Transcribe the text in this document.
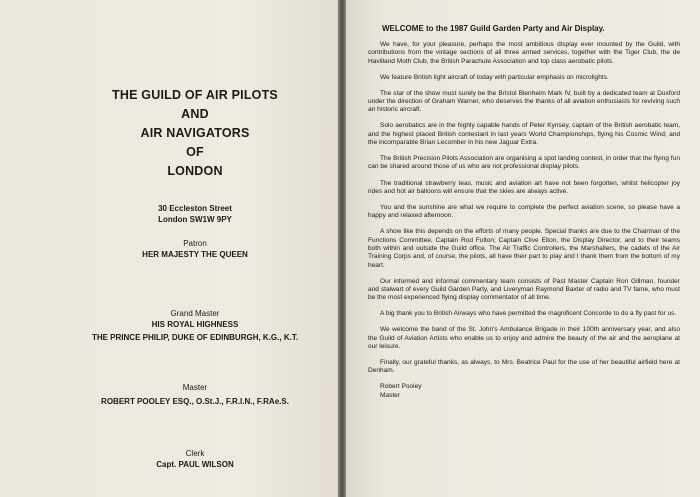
THE GUILD OF AIR PILOTS
AND
AIR NAVIGATORS
OF
LONDON
30 Eccleston Street
London SW1W 9PY
Patron
HER MAJESTY THE QUEEN
Grand Master
HIS ROYAL HIGHNESS
THE PRINCE PHILIP, DUKE OF EDINBURGH, K.G., K.T.
Master
ROBERT POOLEY ESQ., O.St.J., F.R.I.N., F.RAe.S.
Clerk
Capt. PAUL WILSON
WELCOME to the 1987 Guild Garden Party and Air Display.

We have, for your pleasure, perhaps the most ambitious display ever mounted by the Guild, with contributions from the vintage sections of all three armed services, together with the Tiger Club, the de Havilland Moth Club, the British Parachute Association and top class aerobatic pilots.

We feature British light aircraft of today with particular emphasis on microlights.

The star of the show must surely be the Bristol Blenheim Mark IV, built by a dedicated team at Duxford under the direction of Graham Warner, who deserves the thanks of all aviation enthusiasts for reviving such an historic aircraft.

Solo aerobatics are in the highly capable hands of Peter Kynsey, captain of the British aerobatic team, and the highest placed British contestant in last years World Championships, flying his Cosmic Wind; and the incomparable Brian Lecomber in his new Jaguar Extra.

The British Precision Pilots Association are organising a spot landing contest, in order that the flying fun can be shared around those of us who are not professional display pilots.

The traditional strawberry teas, music and aviation art have not been forgotten, whilst helicopter joy rides and hot air balloons will ensure that the skies are always active.

You and the sunshine are what we require to complete the perfect aviation scene, so please have a happy and relaxed afternoon.

A show like this depends on the efforts of many people. Special thanks are due to the Chairman of the Functions Committee, Captain Rod Fulton; Captain Clive Elton, the Display Director, and to their teams both within and outside the Guild office. The Air Traffic Controllers, the Marshallers, the cadets of the Air Training Corps and, of course, the pilots, all have their part to play and I thank them from the bottom of my heart.

Our informed and informal commentary team consists of Past Master Captain Ron Gillman, founder and stalwart of every Guild Garden Party, and Liveryman Raymond Baxter of radio and TV fame, who must be the most experienced flying display commentator of all time.

A big thank you to British Airways who have permitted the magnificent Concorde to do a fly past for us.

We welcome the band of the St. John's Ambulance Brigade in their 100th anniversary year, and also the Guild of Aviation Artists who enable us to enjoy and admire the beauty of the air and the aeroplane at our leisure.

Finally, our grateful thanks, as always, to Mrs. Beatrice Paul for the use of her beautiful airfield here at Denham.

Robert Pooley
Master
